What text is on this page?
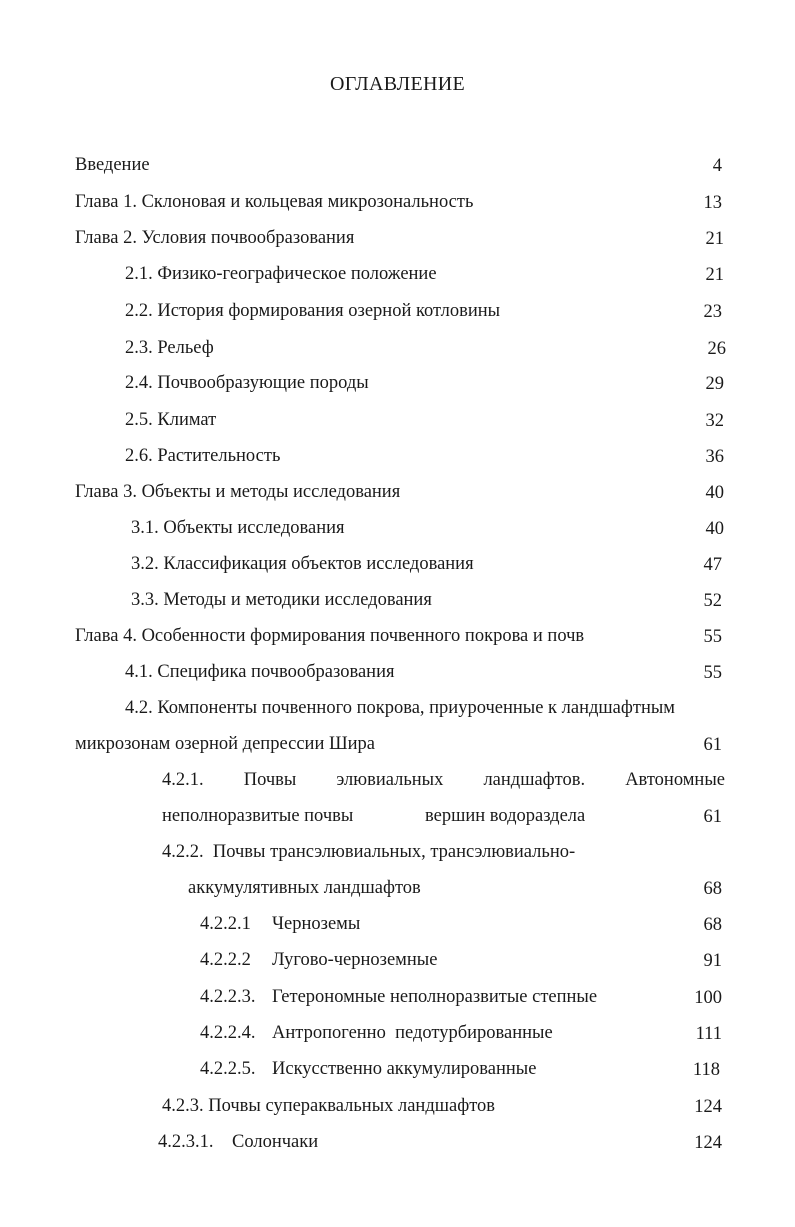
ОГЛАВЛЕНИЕ
Введение	4
Глава 1. Склоновая и кольцевая микрозональность	13
Глава 2. Условия почвообразования	21
2.1. Физико-географическое положение	21
2.2. История формирования озерной котловины	23
2.3. Рельеф	26
2.4. Почвообразующие породы	29
2.5. Климат	32
2.6. Растительность	36
Глава 3. Объекты и методы исследования	40
3.1. Объекты исследования	40
3.2. Классификация объектов исследования	47
3.3. Методы и методики исследования	52
Глава 4. Особенности формирования почвенного покрова и почв	55
4.1. Специфика почвообразования	55
4.2. Компоненты почвенного покрова, приуроченные к ландшафтным
микрозонам озерной депрессии Шира	61
4.2.1. Почвы элювиальных ландшафтов. Автономные
неполноразвитые почвы	вершин водораздела	61
4.2.2.  Почвы трансэлювиальных, трансэлювиально-
аккумулятивных ландшафтов	68
4.2.2.1 Черноземы	68
4.2.2.2 Лугово-черноземные	91
4.2.2.3. Гетерономные неполноразвитые степные	100
4.2.2.4. Антропогенно  педотурбированные	111
4.2.2.5. Искусственно аккумулированные	118
4.2.3. Почвы супераквальных ландшафтов	124
4.2.3.1. Солончаки	124
